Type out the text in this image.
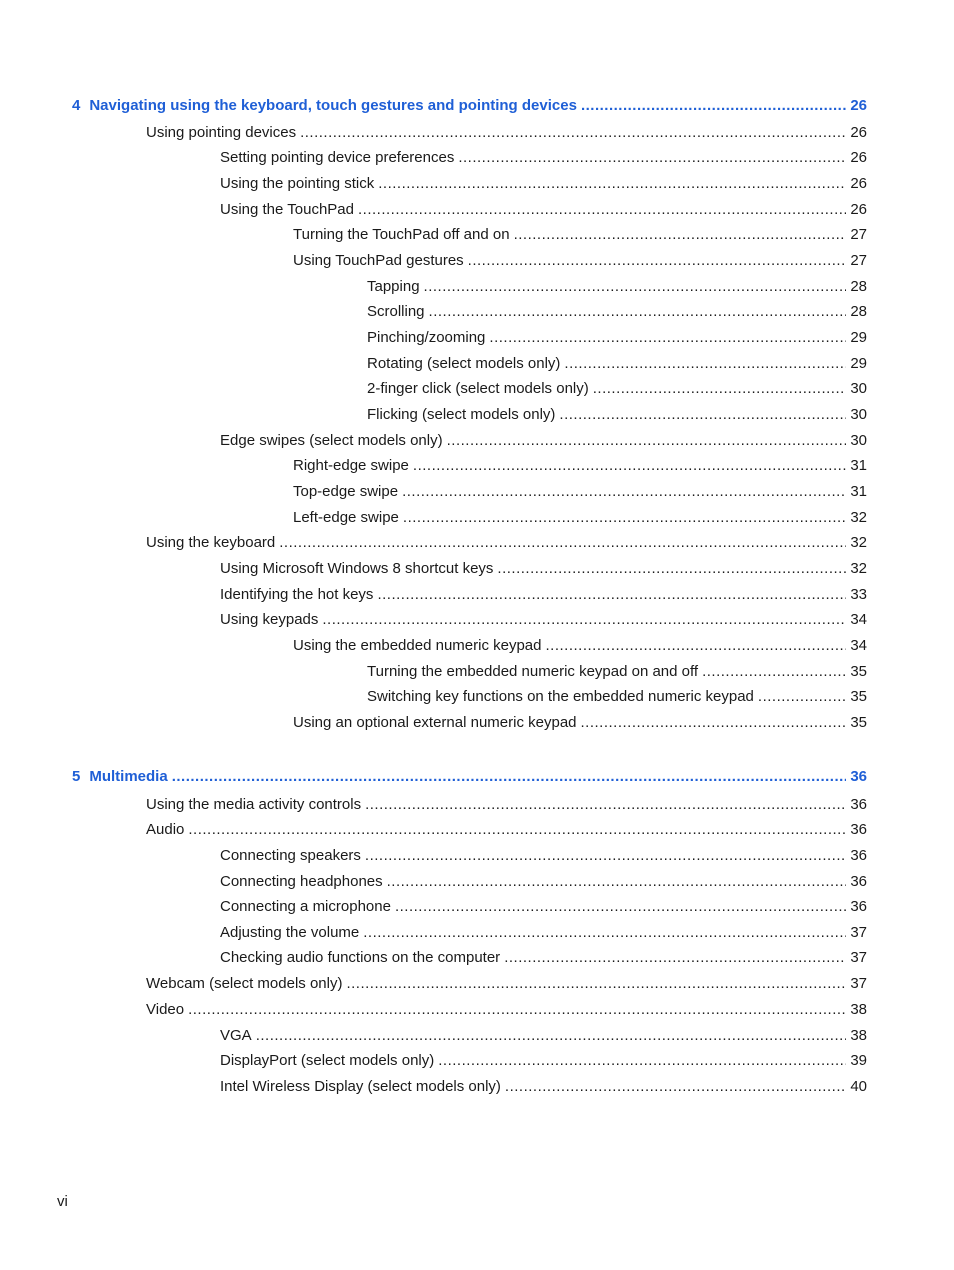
4 Navigating using the keyboard, touch gestures and pointing devices .....	26
Using pointing devices .....	26
Setting pointing device preferences .....	26
Using the pointing stick .....	26
Using the TouchPad .....	26
Turning the TouchPad off and on .....	27
Using TouchPad gestures .....	27
Tapping .....	28
Scrolling .....	28
Pinching/zooming .....	29
Rotating (select models only) .....	29
2-finger click (select models only) .....	30
Flicking (select models only) .....	30
Edge swipes (select models only) .....	30
Right-edge swipe .....	31
Top-edge swipe .....	31
Left-edge swipe .....	32
Using the keyboard .....	32
Using Microsoft Windows 8 shortcut keys .....	32
Identifying the hot keys .....	33
Using keypads .....	34
Using the embedded numeric keypad .....	34
Turning the embedded numeric keypad on and off .....	35
Switching key functions on the embedded numeric keypad .....	35
Using an optional external numeric keypad .....	35
5 Multimedia .....	36
Using the media activity controls .....	36
Audio .....	36
Connecting speakers .....	36
Connecting headphones .....	36
Connecting a microphone .....	36
Adjusting the volume .....	37
Checking audio functions on the computer .....	37
Webcam (select models only) .....	37
Video .....	38
VGA .....	38
DisplayPort (select models only) .....	39
Intel Wireless Display (select models only) .....	40
vi
